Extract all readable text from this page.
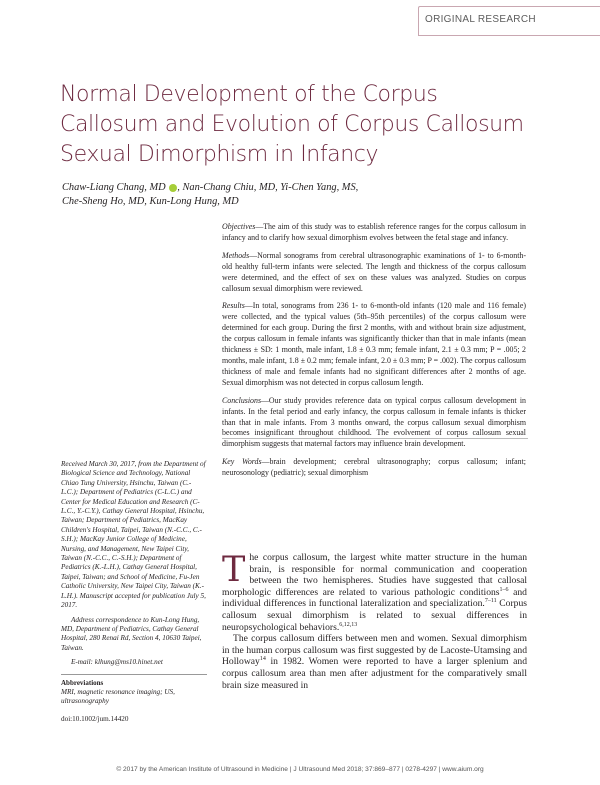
ORIGINAL RESEARCH
Normal Development of the Corpus Callosum and Evolution of Corpus Callosum Sexual Dimorphism in Infancy
Chaw-Liang Chang, MD , Nan-Chang Chiu, MD, Yi-Chen Yang, MS,
Che-Sheng Ho, MD, Kun-Long Hung, MD

Objectives—The aim of this study was to establish reference ranges for the corpus callosum in infancy and to clarify how sexual dimorphism evolves between the fetal stage and infancy.

Methods—Normal sonograms from cerebral ultrasonographic examinations of 1- to 6-month-old healthy full-term infants were selected. The length and thickness of the corpus callosum were determined, and the effect of sex on these values was analyzed. Studies on corpus callosum sexual dimorphism were reviewed.

Results—In total, sonograms from 236 1- to 6-month-old infants (120 male and 116 female) were collected, and the typical values (5th–95th percentiles) of the corpus callosum were determined for each group. During the first 2 months, with and without brain size adjustment, the corpus callosum in female infants was significantly thicker than that in male infants (mean thickness ± SD: 1 month, male infant, 1.8 ± 0.3 mm; female infant, 2.1 ± 0.3 mm; P = .005; 2 months, male infant, 1.8 ± 0.2 mm; female infant, 2.0 ± 0.3 mm; P = .002). The corpus callosum thickness of male and female infants had no significant differences after 2 months of age. Sexual dimorphism was not detected in corpus callosum length.

Conclusions—Our study provides reference data on typical corpus callosum development in infants. In the fetal period and early infancy, the corpus callosum in female infants is thicker than that in male infants. From 3 months onward, the corpus callosum sexual dimorphism becomes insignificant throughout childhood. The evolvement of corpus callosum sexual dimorphism suggests that maternal factors may influence brain development.

Key Words—brain development; cerebral ultrasonography; corpus callosum; infant; neurosonology (pediatric); sexual dimorphism

Received March 30, 2017, from the Department of Biological Science and Technology, National Chiao Tung University, Hsinchu, Taiwan (C.-L.C.); Department of Pediatrics (C-L.C.) and Center for Medical Education and Research (C-L.C., Y.-C.Y.), Cathay General Hospital, Hsinchu, Taiwan; Department of Pediatrics, MacKay Children's Hospital, Taipei, Taiwan (N.-C.C., C.-S.H.); MacKay Junior College of Medicine, Nursing, and Management, New Taipei City, Taiwan (N.-C.C., C.-S.H.); Department of Pediatrics (K.-L.H.), Cathay General Hospital, Taipei, Taiwan; and School of Medicine, Fu-Jen Catholic University, New Taipei City, Taiwan (K.-L.H.). Manuscript accepted for publication July 5, 2017.

Address correspondence to Kun-Long Hung, MD, Department of Pediatrics, Cathay General Hospital, 280 Renai Rd, Section 4, 10630 Taipei, Taiwan.

E-mail: klhung@ms10.hinet.net

Abbreviations
MRI, magnetic resonance imaging; US, ultrasonography
doi:10.1002/jum.14420

The corpus callosum, the largest white matter structure in the human brain, is responsible for normal communication and cooperation between the two hemispheres. Studies have suggested that callosal morphologic differences are related to various pathologic conditions$^{1-6}$ and individual differences in functional lateralization and specialization.$^{7-11}$ Corpus callosum sexual dimorphism is related to sexual differences in neuropsychological behaviors.$^{6,12,13}$

The corpus callosum differs between men and women. Sexual dimorphism in the human corpus callosum was first suggested by de Lacoste-Utamsing and Holloway$^{14}$ in 1982. Women were reported to have a larger splenium and corpus callosum area than men after adjustment for the comparatively small brain size measured in

© 2017 by the American Institute of Ultrasound in Medicine | J Ultrasound Med 2018; 37:869–877 | 0278-4297 | www.aium.org
